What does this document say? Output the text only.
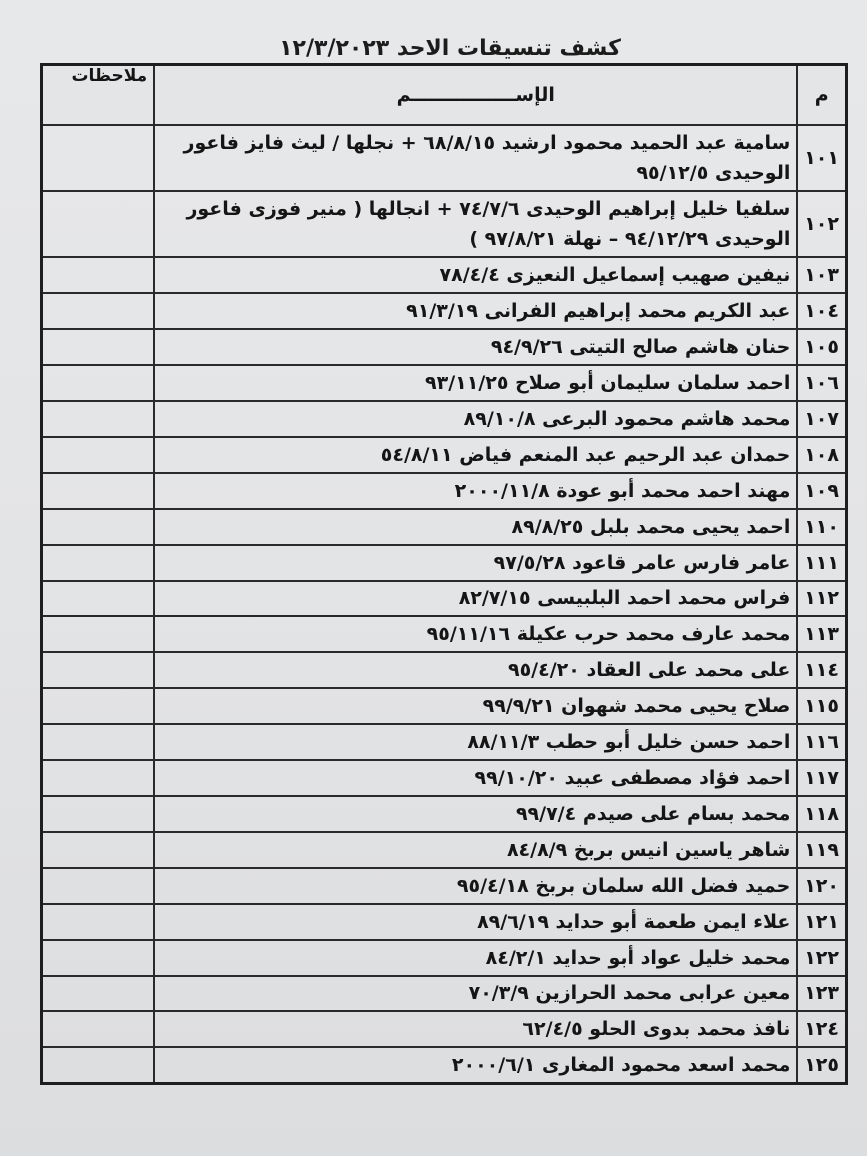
كشف تنسيقات الاحد ١٢/٣/٢٠٢٣
م	الإســــــــــــــــم	ملاحظات
١٠١	سامية عبد الحميد محمود ارشيد ٦٨/٨/١٥ + نجلها / ليث فايز فاعور
الوحيدى ٩٥/١٢/٥	

١٠٢	سلفيا خليل إبراهيم الوحيدى ٧٤/٧/٦ + انجالها ( منير فوزى فاعور
الوحيدى ٩٤/١٢/٢٩ – نهلة ٩٧/٨/٢١ )	

١٠٣	نيفين صهيب إسماعيل النعيزى ٧٨/٤/٤	

١٠٤	عبد الكريم محمد إبراهيم الفرانى ٩١/٣/١٩	

١٠٥	حنان هاشم صالح التيتى ٩٤/٩/٢٦	

١٠٦	احمد سلمان سليمان أبو صلاح ٩٣/١١/٢٥	

١٠٧	محمد هاشم محمود البرعى ٨٩/١٠/٨	

١٠٨	حمدان عبد الرحيم عبد المنعم فياض ٥٤/٨/١١	

١٠٩	مهند احمد محمد أبو عودة ٢٠٠٠/١١/٨	

١١٠	احمد يحيى محمد بلبل ٨٩/٨/٢٥	

١١١	عامر فارس عامر قاعود ٩٧/٥/٢٨	

١١٢	فراس محمد احمد البلبيسى ٨٢/٧/١٥	

١١٣	محمد عارف محمد حرب عكيلة ٩٥/١١/١٦	

١١٤	على محمد على العقاد ٩٥/٤/٢٠	

١١٥	صلاح يحيى محمد شهوان ٩٩/٩/٢١	

١١٦	احمد حسن خليل أبو حطب ٨٨/١١/٣	

١١٧	احمد فؤاد مصطفى عبيد ٩٩/١٠/٢٠	

١١٨	محمد بسام على صيدم ٩٩/٧/٤	

١١٩	شاهر ياسين انيس بربخ ٨٤/٨/٩	

١٢٠	حميد فضل الله سلمان بربخ ٩٥/٤/١٨	

١٢١	علاء ايمن طعمة أبو حدايد ٨٩/٦/١٩	

١٢٢	محمد خليل عواد أبو حدايد ٨٤/٢/١	

١٢٣	معين عرابى محمد الحرازين ٧٠/٣/٩	

١٢٤	نافذ محمد بدوى الحلو ٦٢/٤/٥	

١٢٥	محمد اسعد محمود المغارى ٢٠٠٠/٦/١	
